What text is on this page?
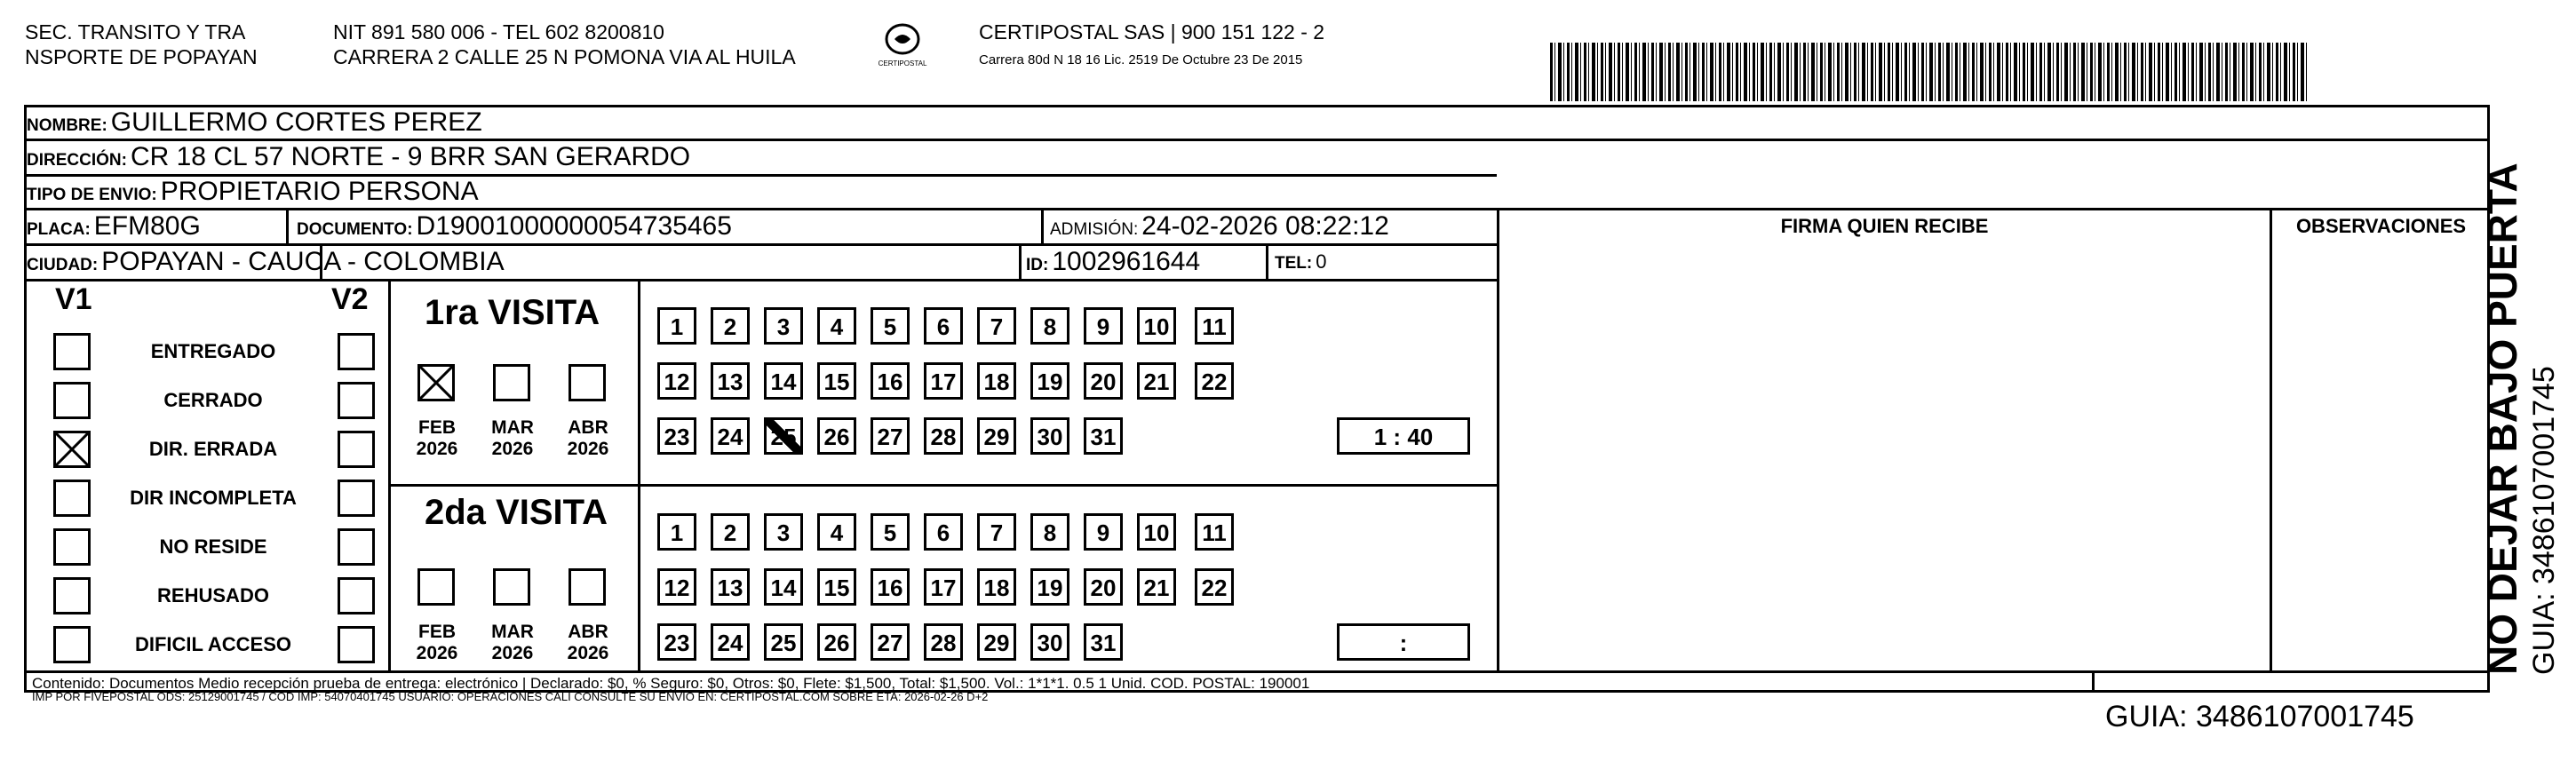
SEC. TRANSITO Y TRA
NSPORTE DE POPAYAN
NIT 891 580 006 - TEL 602 8200810
CARRERA 2 CALLE 25 N POMONA VIA AL HUILA	CERTIPOSTAL
CERTIPOSTAL SAS | 900 151 122 - 2
Carrera 80d N 18 16 Lic. 2519 De Octubre 23 De 2015
NOMBRE: GUILLERMO CORTES PEREZ
DIRECCIÓN: CR 18 CL 57 NORTE - 9 BRR SAN GERARDO
TIPO DE ENVIO: PROPIETARIO PERSONA
PLACA: EFM80G	DOCUMENTO: D19001000000054735465	ADMISIÓN: 24-02-2026 08:22:12
CIUDAD: POPAYAN - CAUCA - COLOMBIA	ID: 1002961644	TEL: 0
FIRMA QUIEN RECIBE	OBSERVACIONES
V1	V2
ENTREGADO
CERRADO
DIR. ERRADA
DIR INCOMPLETA
NO RESIDE
REHUSADO
DIFICIL ACCESO
1ra VISITA
2da VISITA
FEB
2026
MAR
2026
ABR
2026
1	2	3	4	5	6	7	8	9	10	11
12 13 14 15 16 17 18 19 20 21 22
23 24 25 26 27 28 29 30 31	1 : 40
FEB
2026
MAR
2026
ABR
2026
1	2	3	4	5	6	7	8	9	10	11
12 13 14 15 16 17 18 19 20 21 22
23 24 25 26 27 28 29 30 31	:
Contenido: Documentos Medio recepción prueba de entrega: electrónico | Declarado: $0, % Seguro: $0, Otros: $0, Flete: $1,500, Total: $1,500. Vol.: 1*1*1. 0.5 1 Unid. COD. POSTAL: 190001
IMP POR FIVEPOSTAL ODS: 25129001745 / COD IMP: 54070401745 USUARIO: OPERACIONES CALI CONSULTE SU ENVIO EN: CERTIPOSTAL.COM SOBRE ETA: 2026-02-26 D+2
GUIA: 3486107001745
NO DEJAR BAJO PUERTA GUIA: 3486107001745
